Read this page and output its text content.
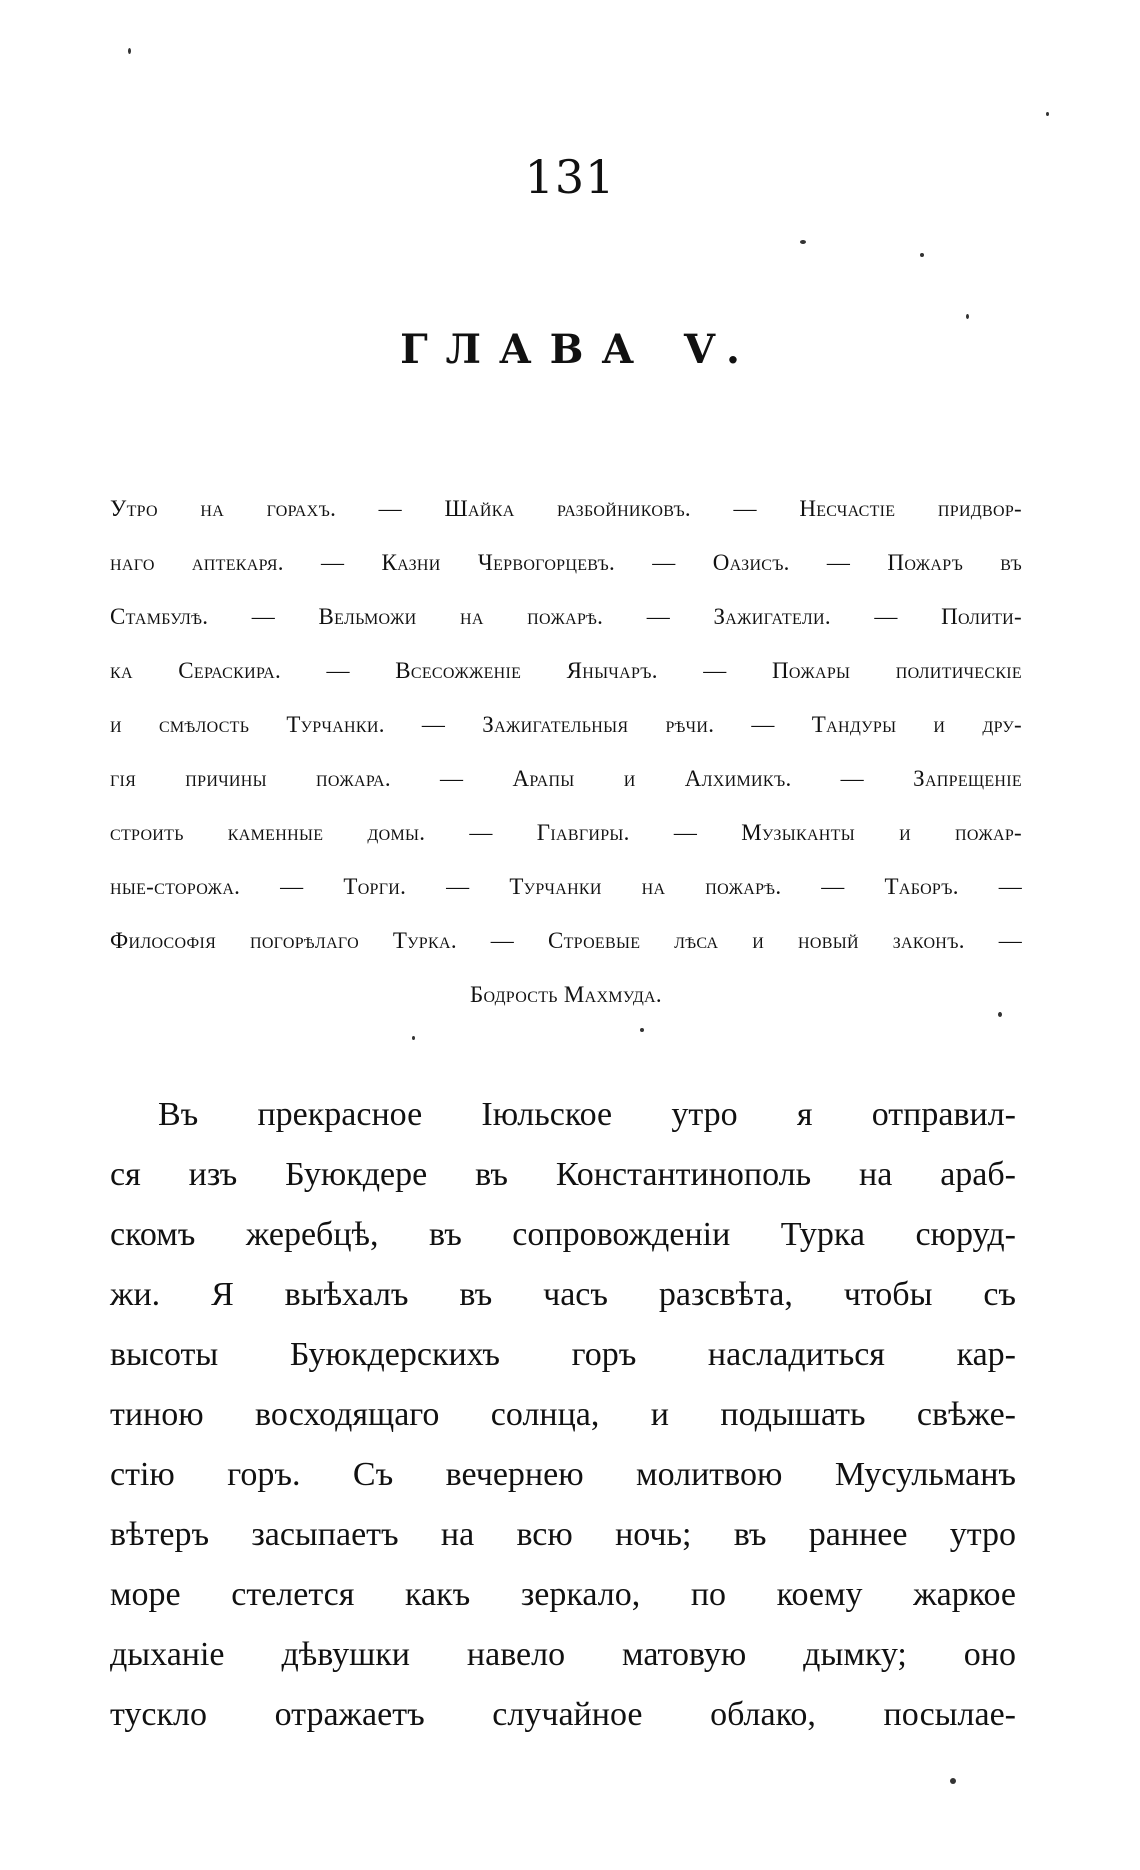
131
ГЛАВА V.
Утро на горахъ. — Шайка разбойниковъ. — Несчастіе придвор-
наго аптекаря. — Казни Червогорцевъ. — Оазисъ. — Пожаръ въ
Стамбулѣ. — Вельможи на пожарѣ. — Зажигатели. — Полити-
ка Сераскира. — Всесожженіе Янычаръ. — Пожары политическіе
и смѣлость Турчанки. — Зажигательныя рѣчи. — Тандуры и дру-
гія причины пожара. — Арапы и Алхимикъ. — Запрещеніе
строить каменные домы. — Гіавгиры. — Музыканты и пожар-
ные-сторожа. — Торги. — Турчанки на пожарѣ. — Таборъ. —
Философія погорѣлаго Турка. — Строевые лѣса и новый законъ. —
Бодрость Махмуда.
Въ прекрасное Іюльское утро я отправил-
ся изъ Буюкдере въ Константинополь на араб-
скомъ жеребцѣ, въ сопровожденіи Турка сюруд-
жи. Я выѣхалъ въ часъ разсвѣта, чтобы съ
высоты Буюкдерскихъ горъ насладиться кар-
тиною восходящаго солнца, и подышать свѣже-
стію горъ. Съ вечернею молитвою Мусульманъ
вѣтеръ засыпаетъ на всю ночь; въ раннее утро
море стелется какъ зеркало, по коему жаркое
дыханіе дѣвушки навело матовую дымку; оно
тускло отражаетъ случайное облако, посылае-
